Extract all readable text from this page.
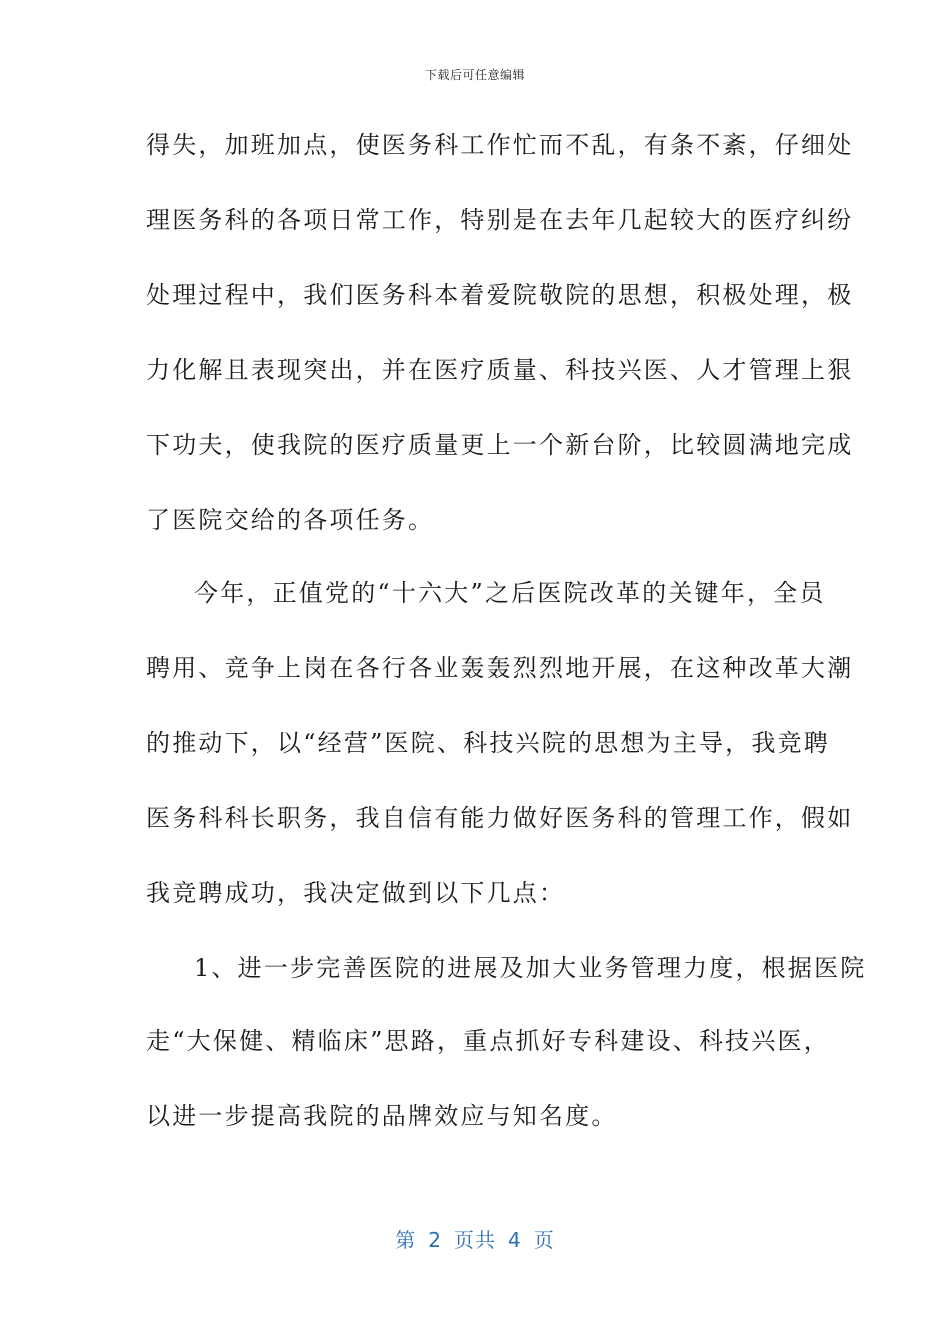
下载后可任意编辑
得失，加班加点，使医务科工作忙而不乱，有条不紊，仔细处
理医务科的各项日常工作，特别是在去年几起较大的医疗纠纷
处理过程中，我们医务科本着爱院敬院的思想，积极处理，极
力化解且表现突出，并在医疗质量、科技兴医、人才管理上狠
下功夫，使我院的医疗质量更上一个新台阶，比较圆满地完成
了医院交给的各项任务。
今年，正值党的“十六大”之后医院改革的关键年，全员
聘用、竞争上岗在各行各业轰轰烈烈地开展，在这种改革大潮
的推动下，以“经营”医院、科技兴院的思想为主导，我竞聘
医务科科长职务，我自信有能力做好医务科的管理工作，假如
我竞聘成功，我决定做到以下几点：
1、进一步完善医院的进展及加大业务管理力度，根据医院
走“大保健、精临床”思路，重点抓好专科建设、科技兴医，
以进一步提高我院的品牌效应与知名度。
第 2 页共 4 页
